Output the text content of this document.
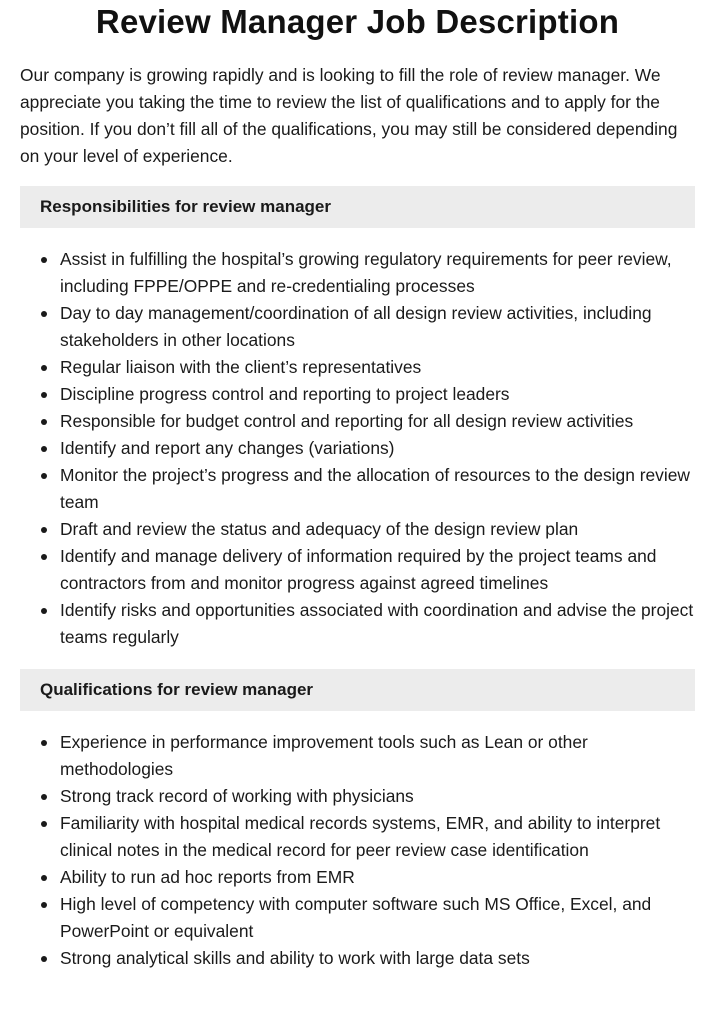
Review Manager Job Description

Our company is growing rapidly and is looking to fill the role of review manager. We appreciate you taking the time to review the list of qualifications and to apply for the position. If you don’t fill all of the qualifications, you may still be considered depending on your level of experience.

Responsibilities for review manager
Assist in fulfilling the hospital’s growing regulatory requirements for peer review, including FPPE/OPPE and re-credentialing processes
Day to day management/coordination of all design review activities, including stakeholders in other locations
Regular liaison with the client’s representatives
Discipline progress control and reporting to project leaders
Responsible for budget control and reporting for all design review activities
Identify and report any changes (variations)
Monitor the project’s progress and the allocation of resources to the design review team
Draft and review the status and adequacy of the design review plan
Identify and manage delivery of information required by the project teams and contractors from and monitor progress against agreed timelines
Identify risks and opportunities associated with coordination and advise the project teams regularly
Qualifications for review manager
Experience in performance improvement tools such as Lean or other methodologies
Strong track record of working with physicians
Familiarity with hospital medical records systems, EMR, and ability to interpret clinical notes in the medical record for peer review case identification
Ability to run ad hoc reports from EMR
High level of competency with computer software such MS Office, Excel, and PowerPoint or equivalent
Strong analytical skills and ability to work with large data sets
